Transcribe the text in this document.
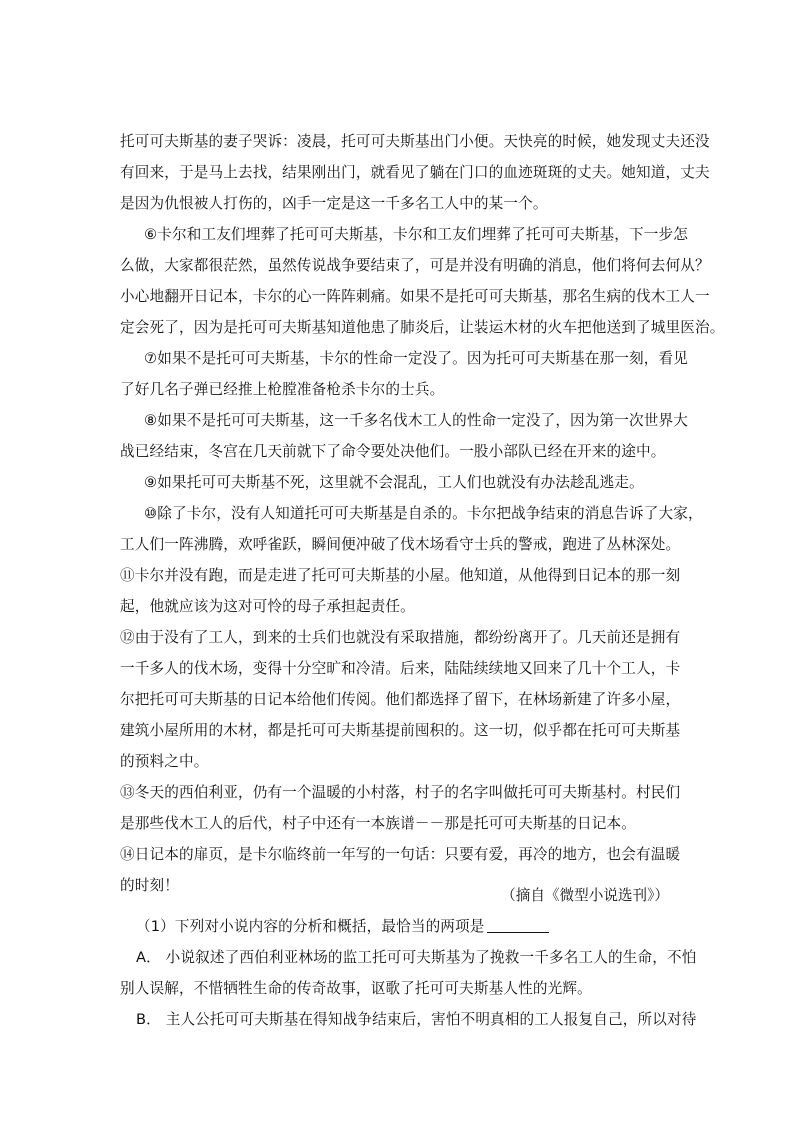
托可可夫斯基的妻子哭诉：凌晨，托可可夫斯基出门小便。天快亮的时候，她发现丈夫还没
有回来，于是马上去找，结果刚出门，就看见了躺在门口的血迹斑斑的丈夫。她知道，丈夫
是因为仇恨被人打伤的，凶手一定是这一千多名工人中的某一个。
⑥卡尔和工友们埋葬了托可可夫斯基，卡尔和工友们埋葬了托可可夫斯基，下一步怎
么做，大家都很茫然，虽然传说战争要结束了，可是并没有明确的消息，他们将何去何从？
小心地翻开日记本，卡尔的心一阵阵刺痛。如果不是托可可夫斯基，那名生病的伐木工人一
定会死了，因为是托可可夫斯基知道他患了肺炎后，让装运木材的火车把他送到了城里医治。
⑦如果不是托可可夫斯基，卡尔的性命一定没了。因为托可可夫斯基在那一刻，看见
了好几名子弹已经推上枪膛准备枪杀卡尔的士兵。
⑧如果不是托可可夫斯基，这一千多名伐木工人的性命一定没了，因为第一次世界大
战已经结束，冬宫在几天前就下了命令要处决他们。一股小部队已经在开来的途中。
⑨如果托可可夫斯基不死，这里就不会混乱，工人们也就没有办法趁乱逃走。
⑩除了卡尔，没有人知道托可可夫斯基是自杀的。卡尔把战争结束的消息告诉了大家，
工人们一阵沸腾，欢呼雀跃，瞬间便冲破了伐木场看守士兵的警戒，跑进了丛林深处。
⑪卡尔并没有跑，而是走进了托可可夫斯基的小屋。他知道，从他得到日记本的那一刻
起，他就应该为这对可怜的母子承担起责任。
⑫由于没有了工人，到来的士兵们也就没有采取措施，都纷纷离开了。几天前还是拥有
一千多人的伐木场，变得十分空旷和冷清。后来，陆陆续续地又回来了几十个工人，卡
尔把托可可夫斯基的日记本给他们传阅。他们都选择了留下，在林场新建了许多小屋，
建筑小屋所用的木材，都是托可可夫斯基提前囤积的。这一切，似乎都在托可可夫斯基
的预料之中。
⑬冬天的西伯利亚，仍有一个温暖的小村落，村子的名字叫做托可可夫斯基村。村民们
是那些伐木工人的后代，村子中还有一本族谱－－那是托可可夫斯基的日记本。
⑭日记本的扉页，是卡尔临终前一年写的一句话：只要有爱，再冷的地方，也会有温暖
的时刻！
（摘自《微型小说选刊》）
（1）下列对小说内容的分析和概括，最恰当的两项是
A． 小说叙述了西伯利亚林场的监工托可可夫斯基为了挽救一千多名工人的生命，不怕
别人误解，不惜牺牲生命的传奇故事，讴歌了托可可夫斯基人性的光辉。
B． 主人公托可可夫斯基在得知战争结束后，害怕不明真相的工人报复自己，所以对待
